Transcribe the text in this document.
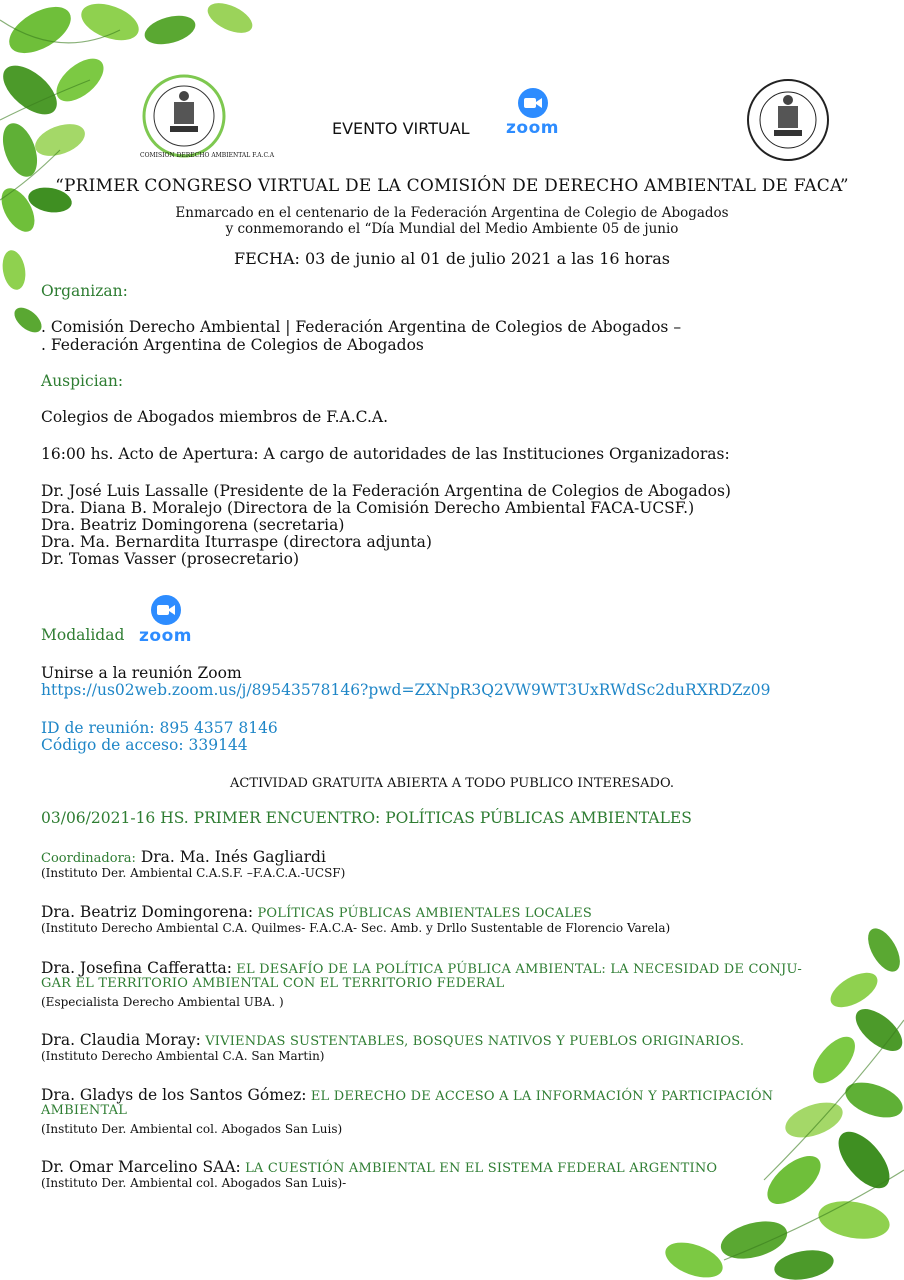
COMISION DERECHO AMBIENTAL F.A.C.A
EVENTO VIRTUAL zoom
“PRIMER CONGRESO VIRTUAL DE LA COMISIÓN DE DERECHO AMBIENTAL DE FACA”
Enmarcado en el centenario de la Federación Argentina de Colegio de Abogados
y conmemorando el “Día Mundial del Medio Ambiente 05 de junio
FECHA: 03 de junio al 01 de julio 2021 a las 16 horas
Organizan:
. Comisión Derecho Ambiental | Federación Argentina de Colegios de Abogados –
. Federación Argentina de Colegios de Abogados
Auspician:
Colegios de Abogados miembros de F.A.C.A.
16:00 hs. Acto de Apertura: A cargo de autoridades de las Instituciones Organizadoras:
Dr. José Luis Lassalle (Presidente de la Federación Argentina de Colegios de Abogados)
Dra. Diana B. Moralejo (Directora de la Comisión Derecho Ambiental FACA-UCSF.)
Dra. Beatriz Domingorena (secretaria)
Dra. Ma. Bernardita Iturraspe (directora adjunta)
Dr. Tomas Vasser (prosecretario)
Modalidad zoom
Unirse a la reunión Zoom
https://us02web.zoom.us/j/89543578146?pwd=ZXNpR3Q2VW9WT3UxRWdSc2duRXRDZz09
ID de reunión: 895 4357 8146
Código de acceso: 339144
ACTIVIDAD GRATUITA ABIERTA A TODO PUBLICO INTERESADO.
03/06/2021-16 HS. PRIMER ENCUENTRO: POLÍTICAS PÚBLICAS AMBIENTALES
Coordinadora: Dra. Ma. Inés Gagliardi
(Instituto Der. Ambiental C.A.S.F. –F.A.C.A.-UCSF)
Dra. Beatriz Domingorena: POLÍTICAS PÚBLICAS AMBIENTALES LOCALES
(Instituto Derecho Ambiental C.A. Quilmes- F.A.C.A- Sec. Amb. y Drllo Sustentable de Florencio Varela)
Dra. Josefina Cafferatta: EL DESAFÍO DE LA POLÍTICA PÚBLICA AMBIENTAL: LA NECESIDAD DE CONJU-
GAR EL TERRITORIO AMBIENTAL CON EL TERRITORIO FEDERAL
(Especialista Derecho Ambiental UBA. )
Dra. Claudia Moray: VIVIENDAS SUSTENTABLES, BOSQUES NATIVOS Y PUEBLOS ORIGINARIOS.
(Instituto Derecho Ambiental C.A. San Martin)
Dra. Gladys de los Santos Gómez: EL DERECHO DE ACCESO A LA INFORMACIÓN Y PARTICIPACIÓN
AMBIENTAL
(Instituto Der. Ambiental col. Abogados San Luis)
Dr. Omar Marcelino SAA: LA CUESTIÓN AMBIENTAL EN EL SISTEMA FEDERAL ARGENTINO
(Instituto Der. Ambiental col. Abogados San Luis)-
